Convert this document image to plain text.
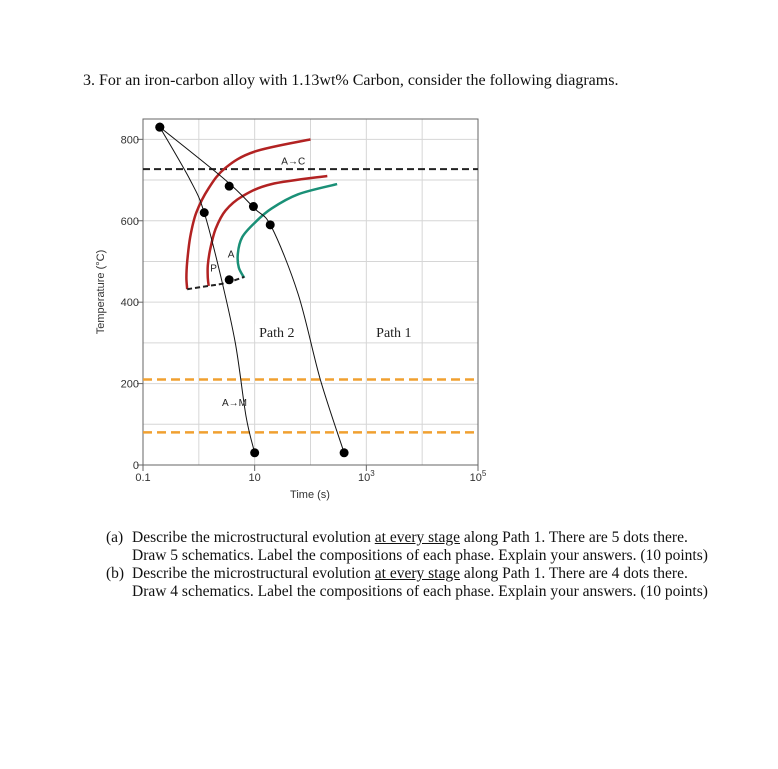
3. For an iron-carbon alloy with 1.13wt% Carbon, consider the following diagrams.
0
200
400
600
800
0.1	10	$10^3$	$10^5$
A→C
A
P
A→M
Path 2	Path 1
Time (s)
Temperature (°C)
(a) Describe the microstructural evolution at every stage along Path 1. There are 5 dots there. Draw 5 schematics. Label the compositions of each phase. Explain your answers. (10 points)
(b) Describe the microstructural evolution at every stage along Path 1. There are 4 dots there. Draw 4 schematics. Label the compositions of each phase. Explain your answers. (10 points)
